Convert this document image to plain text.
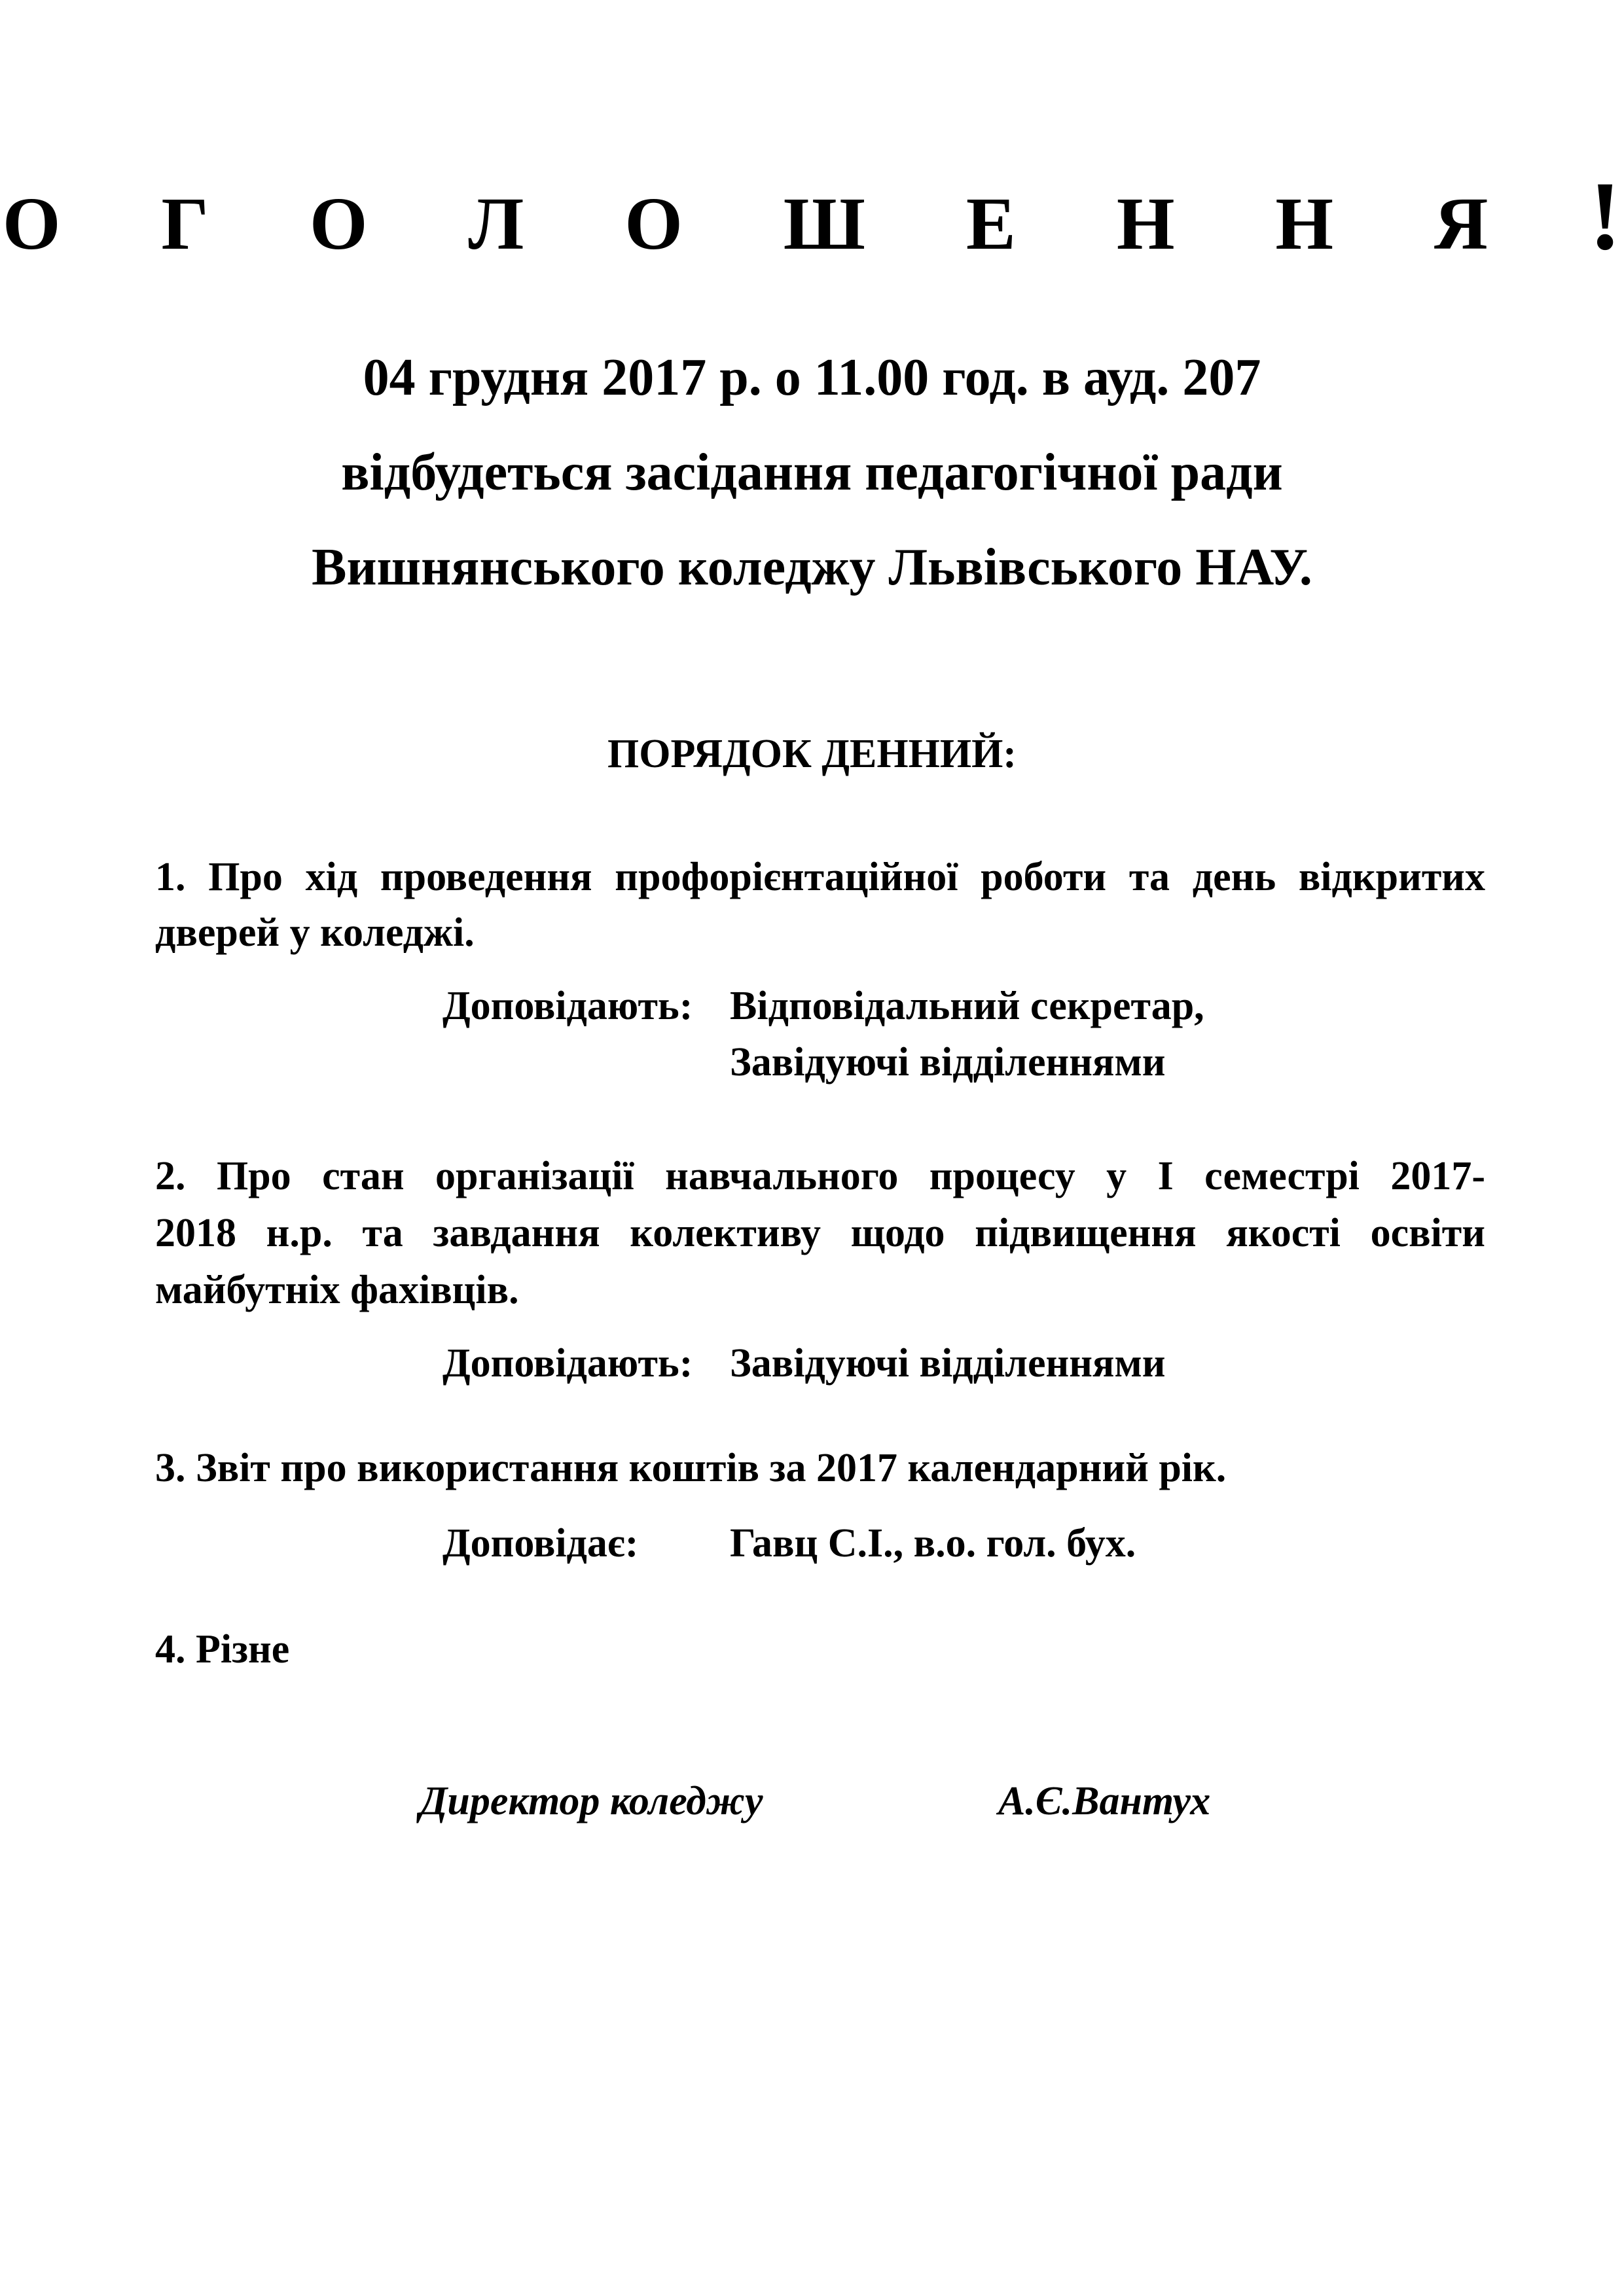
О Г О Л О Ш Е Н Н Я !
04 грудня 2017 р. о 11.00 год. в ауд. 207
відбудеться засідання педагогічної ради
Вишнянського коледжу Львівського НАУ.
ПОРЯДОК ДЕННИЙ:
1. Про хід проведення профорієнтаційної роботи та день відкритих
дверей у коледжі.
Доповідають: Відповідальний секретар,
Завідуючі відділеннями
2. Про стан організації навчального процесу у І семестрі 2017-
2018 н.р. та завдання колективу щодо підвищення якості освіти
майбутніх фахівців.
Доповідають: Завідуючі відділеннями
3. Звіт про використання коштів за 2017 календарний рік.
Доповідає: Гавц С.І., в.о. гол. бух.
4. Різне
Директор коледжу	А.Є.Вантух
